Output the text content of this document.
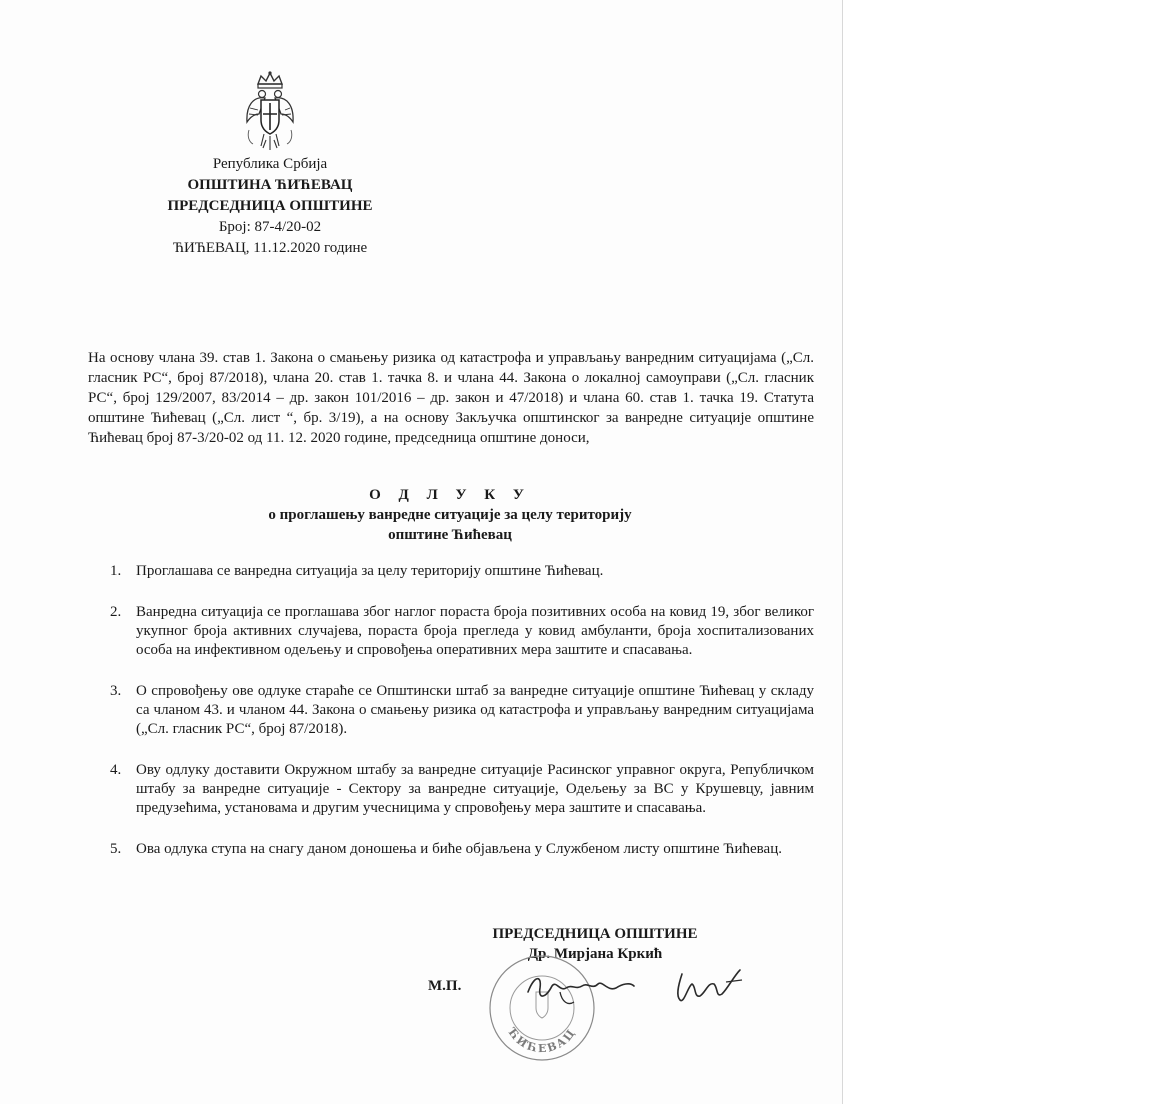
Република Србија
ОПШТИНА ЋИЋЕВАЦ
ПРЕДСЕДНИЦА ОПШТИНЕ
Број: 87-4/20-02
ЋИЋЕВАЦ, 11.12.2020 године
На основу члана 39. став 1. Закона о смањењу ризика од катастрофа и управљању ванредним ситуацијама („Сл. гласник РС“, број 87/2018), члана 20. став 1. тачка 8. и члана 44. Закона о локалној самоуправи („Сл. гласник РС“, број 129/2007, 83/2014 – др. закон 101/2016 – др. закон и 47/2018) и члана 60. став 1. тачка 19. Статута општине Ћићевац („Сл. лист “, бр. 3/19), а на основу Закључка општинског за ванредне ситуације општине Ћићевац број 87-3/20-02 од 11. 12. 2020 године, председница општине доноси,
О Д Л У К У
о проглашењу ванредне ситуације за целу територију
општине Ћићевац
1. Проглашава се ванредна ситуација за целу територију општине Ћићевац.
2. Ванредна ситуација се проглашава због наглог пораста броја позитивних особа на ковид 19, због великог укупног броја активних случајева, пораста броја прегледа у ковид амбуланти, броја хоспитализованих особа на инфективном одељењу и спровођења оперативних мера заштите и спасавања.
3. О спровођењу ове одлуке стараће се Општински штаб за ванредне ситуације општине Ћићевац у складу са чланом 43. и чланом 44. Закона о смањењу ризика од катастрофа и управљању ванредним ситуацијама („Сл. гласник РС“, број 87/2018).
4. Ову одлуку доставити Окружном штабу за ванредне ситуације Расинског управног округа, Републичком штабу за ванредне ситуације - Сектору за ванредне ситуације, Одељењу за ВС у Крушевцу, јавним предузећима, установама и другим учесницима у спровођењу мера заштите и спасавања.
5. Ова одлука ступа на снагу даном доношења и биће објављена у Службеном листу општине Ћићевац.
ПРЕДСЕДНИЦА ОПШТИНЕ
Др. Мирјана Кркић
М.П.
ЋИЋЕВАЦ
